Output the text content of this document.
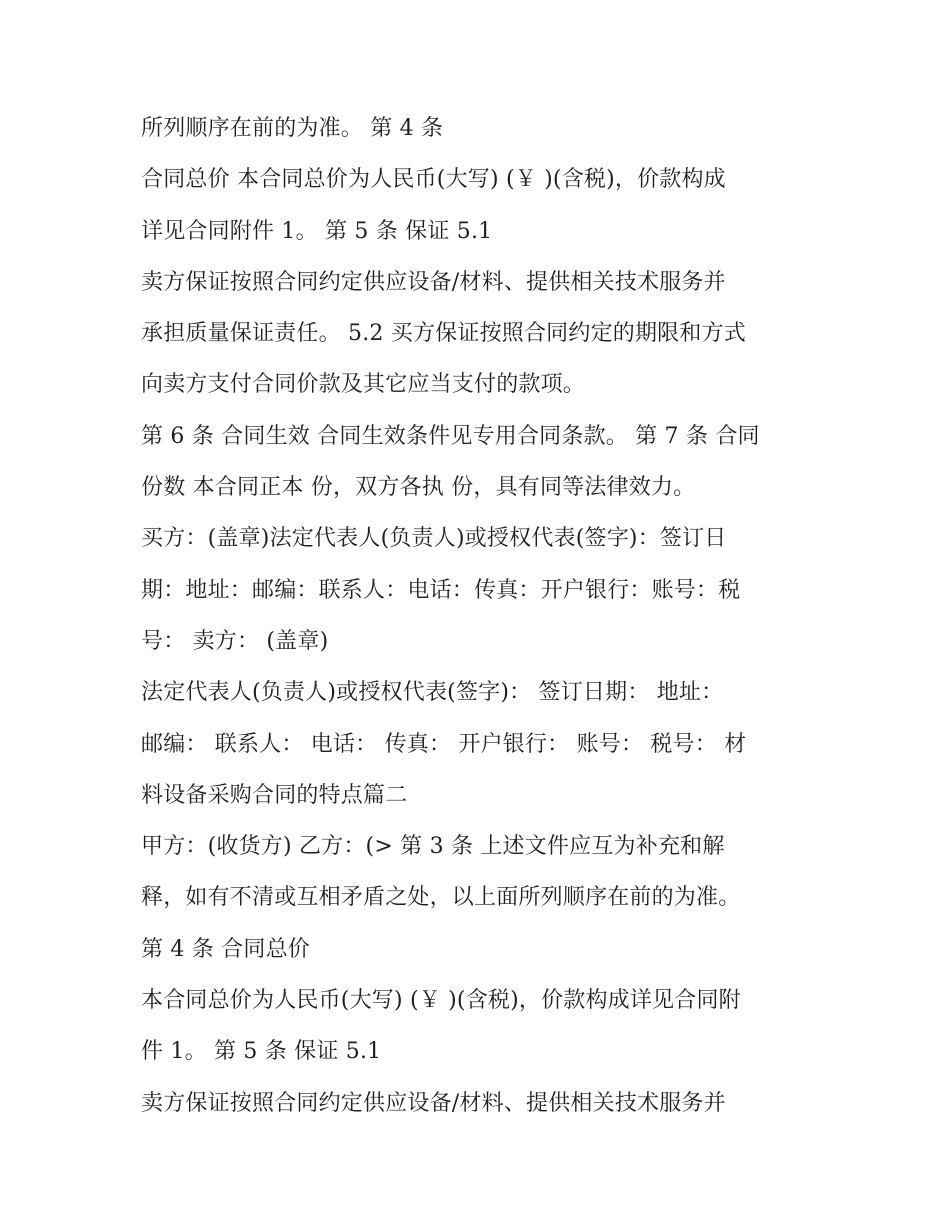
所列顺序在前的为准。 第 4 条
合同总价 本合同总价为人民币(大写) (￥ )(含税)，价款构成
详见合同附件 1。 第 5 条 保证 5.1
卖方保证按照合同约定供应设备/材料、提供相关技术服务并
承担质量保证责任。 5.2 买方保证按照合同约定的期限和方式
向卖方支付合同价款及其它应当支付的款项。
第 6 条 合同生效 合同生效条件见专用合同条款。 第 7 条 合同
份数 本合同正本 份，双方各执 份，具有同等法律效力。
买方：(盖章)法定代表人(负责人)或授权代表(签字)：签订日
期：地址：邮编：联系人：电话：传真：开户银行：账号：税
号： 卖方： (盖章)
法定代表人(负责人)或授权代表(签字)： 签订日期： 地址：
邮编： 联系人： 电话： 传真： 开户银行： 账号： 税号： 材
料设备采购合同的特点篇二
甲方：(收货方) 乙方：(> 第 3 条 上述文件应互为补充和解
释，如有不清或互相矛盾之处，以上面所列顺序在前的为准。
第 4 条 合同总价
本合同总价为人民币(大写) (￥ )(含税)，价款构成详见合同附
件 1。 第 5 条 保证 5.1
卖方保证按照合同约定供应设备/材料、提供相关技术服务并
